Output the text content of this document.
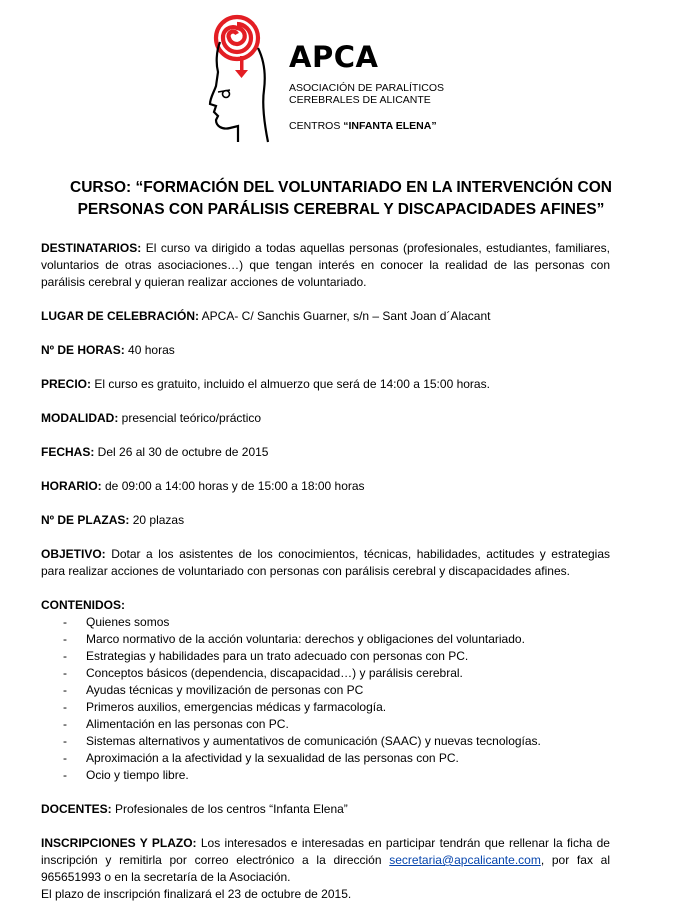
APCA
ASOCIACIÓN DE PARALÍTICOS
CEREBRALES DE ALICANTE
CENTROS “INFANTA ELENA”
CURSO: “FORMACIÓN DEL VOLUNTARIADO EN LA INTERVENCIÓN CON
PERSONAS CON PARÁLISIS CEREBRAL Y DISCAPACIDADES AFINES”

DESTINATARIOS: El curso va dirigido a todas aquellas personas (profesionales, estudiantes, familiares, voluntarios de otras asociaciones…) que tengan interés en conocer la realidad de las personas con parálisis cerebral y quieran realizar acciones de voluntariado.

LUGAR DE CELEBRACIÓN: APCA- C/ Sanchis Guarner, s/n – Sant Joan d´Alacant

Nº DE HORAS: 40 horas

PRECIO: El curso es gratuito, incluido el almuerzo que será de 14:00 a 15:00 horas.

MODALIDAD: presencial teórico/práctico

FECHAS: Del 26 al 30 de octubre de 2015

HORARIO: de 09:00 a 14:00 horas y de 15:00 a 18:00 horas

Nº DE PLAZAS: 20 plazas

OBJETIVO: Dotar a los asistentes de los conocimientos, técnicas, habilidades, actitudes y estrategias para realizar acciones de voluntariado con personas con parálisis cerebral y discapacidades afines.

CONTENIDOS:

- Quienes somos
- Marco normativo de la acción voluntaria: derechos y obligaciones del voluntariado.
- Estrategias y habilidades para un trato adecuado con personas con PC.
- Conceptos básicos (dependencia, discapacidad…) y parálisis cerebral.
- Ayudas técnicas y movilización de personas con PC
- Primeros auxilios, emergencias médicas y farmacología.
- Alimentación en las personas con PC.
- Sistemas alternativos y aumentativos de comunicación (SAAC) y nuevas tecnologías.
- Aproximación a la afectividad y la sexualidad de las personas con PC.
- Ocio y tiempo libre.

DOCENTES: Profesionales de los centros “Infanta Elena”

INSCRIPCIONES Y PLAZO: Los interesados e interesadas en participar tendrán que rellenar la ficha de inscripción y remitirla por correo electrónico a la dirección secretaria@apcalicante.com, por fax al 965651993 o en la secretaría de la Asociación.

El plazo de inscripción finalizará el 23 de octubre de 2015.
